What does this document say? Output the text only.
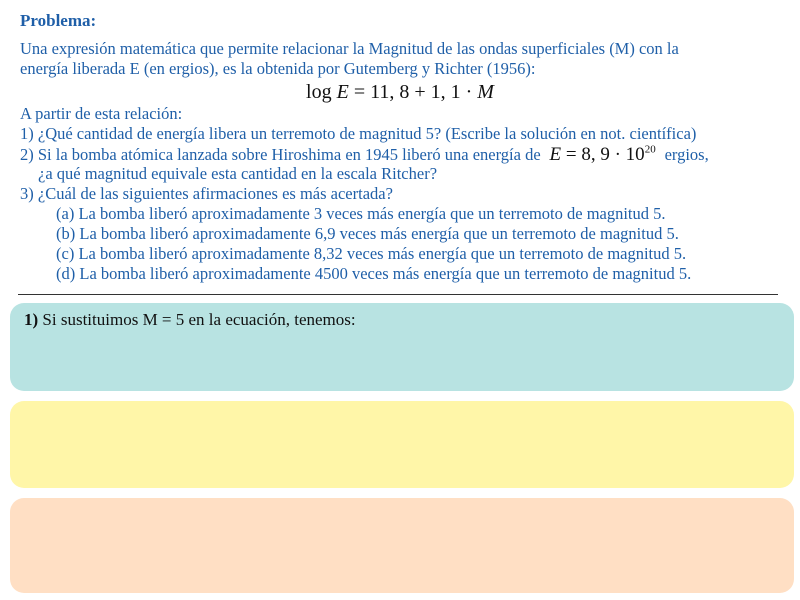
Problema:
Una expresión matemática que permite relacionar la Magnitud de las ondas superficiales (M) con la
energía liberada E (en ergios), es la obtenida por Gutemberg y Richter (1956):
log E = 11, 8 + 1, 1 · M
A partir de esta relación:
1) ¿Qué cantidad de energía libera un terremoto de magnitud 5? (Escribe la solución en not. científica)
2) Si la bomba atómica lanzada sobre Hiroshima en 1945 liberó una energía de E = 8, $9 \cdot 10^{20}$ ergios,
¿a qué magnitud equivale esta cantidad en la escala Ritcher?
3) ¿Cuál de las siguientes afirmaciones es más acertada?
(a) La bomba liberó aproximadamente 3 veces más energía que un terremoto de magnitud 5.
(b) La bomba liberó aproximadamente 6,9 veces más energía que un terremoto de magnitud 5.
(c) La bomba liberó aproximadamente 8,32 veces más energía que un terremoto de magnitud 5.
(d) La bomba liberó aproximadamente 4500 veces más energía que un terremoto de magnitud 5.
1) Si sustituimos M = 5 en la ecuación, tenemos:
